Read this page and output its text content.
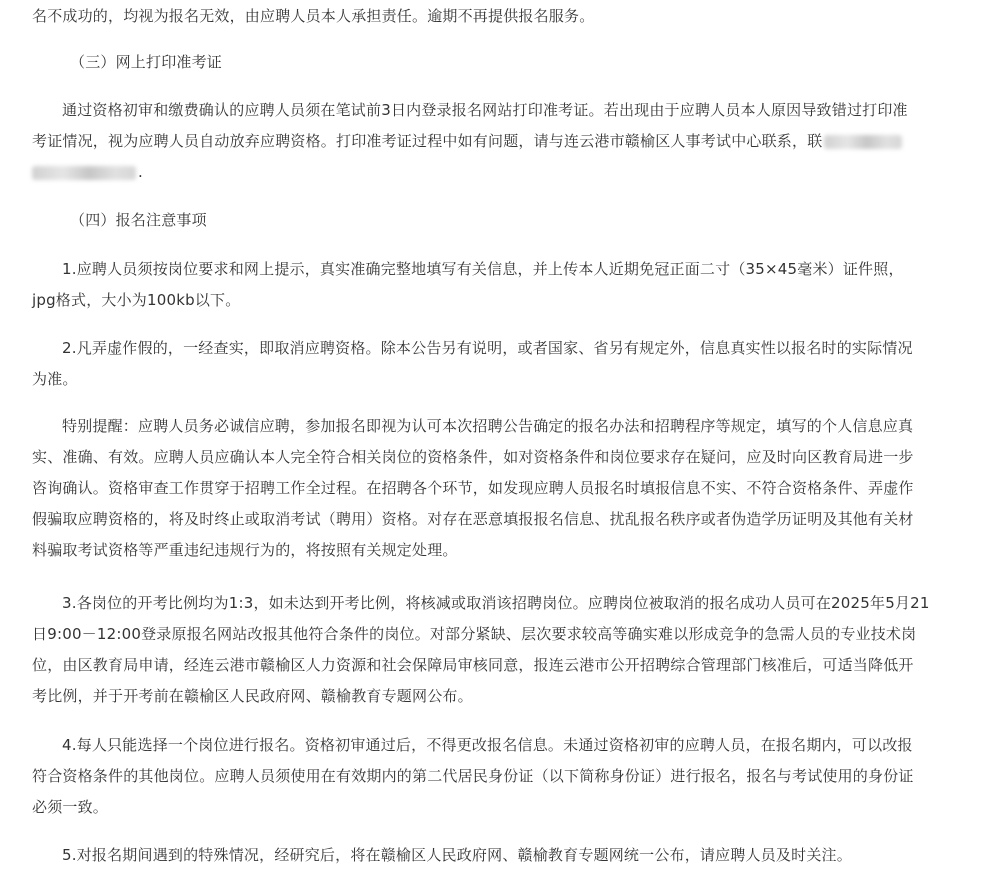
名不成功的，均视为报名无效，由应聘人员本人承担责任。逾期不再提供报名服务。
（三）网上打印准考证
通过资格初审和缴费确认的应聘人员须在笔试前3日内登录报名网站打印准考证。若出现由于应聘人员本人原因导致错过打印准
考证情况，视为应聘人员自动放弃应聘资格。打印准考证过程中如有问题，请与连云港市赣榆区人事考试中心联系，联
.
（四）报名注意事项
1.应聘人员须按岗位要求和网上提示，真实准确完整地填写有关信息，并上传本人近期免冠正面二寸（35×45毫米）证件照，
jpg格式，大小为100kb以下。
2.凡弄虚作假的，一经查实，即取消应聘资格。除本公告另有说明，或者国家、省另有规定外，信息真实性以报名时的实际情况
为准。
特别提醒：应聘人员务必诚信应聘，参加报名即视为认可本次招聘公告确定的报名办法和招聘程序等规定，填写的个人信息应真
实、准确、有效。应聘人员应确认本人完全符合相关岗位的资格条件，如对资格条件和岗位要求存在疑问，应及时向区教育局进一步
咨询确认。资格审查工作贯穿于招聘工作全过程。在招聘各个环节，如发现应聘人员报名时填报信息不实、不符合资格条件、弄虚作
假骗取应聘资格的，将及时终止或取消考试（聘用）资格。对存在恶意填报报名信息、扰乱报名秩序或者伪造学历证明及其他有关材
料骗取考试资格等严重违纪违规行为的，将按照有关规定处理。
3.各岗位的开考比例均为1:3，如未达到开考比例，将核减或取消该招聘岗位。应聘岗位被取消的报名成功人员可在2025年5月21
日9:00－12:00登录原报名网站改报其他符合条件的岗位。对部分紧缺、层次要求较高等确实难以形成竞争的急需人员的专业技术岗
位，由区教育局申请，经连云港市赣榆区人力资源和社会保障局审核同意，报连云港市公开招聘综合管理部门核准后，可适当降低开
考比例，并于开考前在赣榆区人民政府网、赣榆教育专题网公布。
4.每人只能选择一个岗位进行报名。资格初审通过后，不得更改报名信息。未通过资格初审的应聘人员，在报名期内，可以改报
符合资格条件的其他岗位。应聘人员须使用在有效期内的第二代居民身份证（以下简称身份证）进行报名，报名与考试使用的身份证
必须一致。
5.对报名期间遇到的特殊情况，经研究后，将在赣榆区人民政府网、赣榆教育专题网统一公布，请应聘人员及时关注。
